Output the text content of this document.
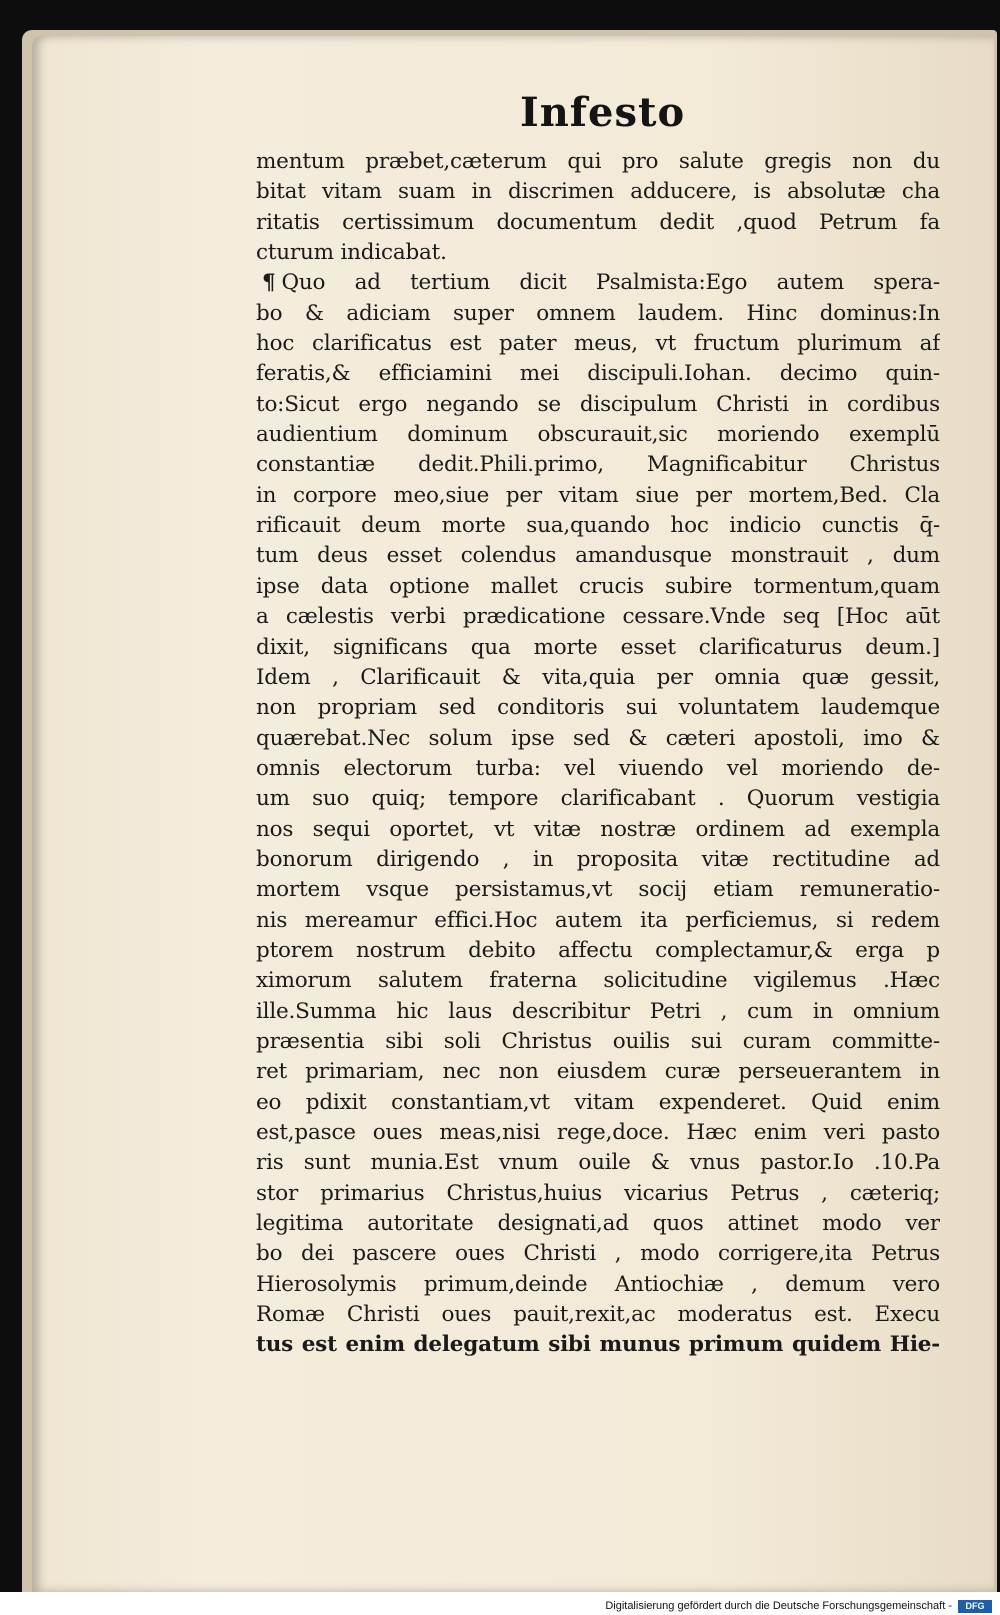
Infesto
mentum præbet,cæterum qui pro salute gregis non du
bitat vitam suam in discrimen adducere, is absolutæ cha
ritatis certissimum documentum dedit ,quod Petrum fa
cturum indicabat.
¶ Quo ad tertium dicit Psalmista:Ego autem spera-
bo & adiciam super omnem laudem. Hinc dominus:In
hoc clarificatus est pater meus, vt fructum plurimum af
feratis,& efficiamini mei discipuli.Iohan. decimo quin-
to:Sicut ergo negando se discipulum Christi in cordibus
audientium dominum obscurauit,sic moriendo exemplū
constantiæ dedit.Phili.primo, Magnificabitur Christus
in corpore meo,siue per vitam siue per mortem,Bed. Cla
rificauit deum morte sua,quando hoc indicio cunctis q̄-
tum deus esset colendus amandusque monstrauit , dum
ipse data optione mallet crucis subire tormentum,quam
a cælestis verbi prædicatione cessare.Vnde seq [Hoc aūt
dixit, significans qua morte esset clarificaturus deum.]
Idem , Clarificauit & vita,quia per omnia quæ gessit,
non propriam sed conditoris sui voluntatem laudemque
quærebat.Nec solum ipse sed & cæteri apostoli, imo &
omnis electorum turba: vel viuendo vel moriendo de-
um suo quiq; tempore clarificabant . Quorum vestigia
nos sequi oportet, vt vitæ nostræ ordinem ad exempla
bonorum dirigendo , in proposita vitæ rectitudine ad
mortem vsque persistamus,vt socij etiam remuneratio-
nis mereamur effici.Hoc autem ita perficiemus, si redem
ptorem nostrum debito affectu complectamur,& erga p
ximorum salutem fraterna solicitudine vigilemus .Hæc
ille.Summa hic laus describitur Petri , cum in omnium
præsentia sibi soli Christus ouilis sui curam committe-
ret primariam, nec non eiusdem curæ perseuerantem in
eo pdixit constantiam,vt vitam expenderet. Quid enim
est,pasce oues meas,nisi rege,doce. Hæc enim veri pasto
ris sunt munia.Est vnum ouile & vnus pastor.Io .10.Pa
stor primarius Christus,huius vicarius Petrus , cæteriq;
legitima autoritate designati,ad quos attinet modo ver
bo dei pascere oues Christi , modo corrigere,ita Petrus
Hierosolymis primum,deinde Antiochiæ , demum vero
Romæ Christi oues pauit,rexit,ac moderatus est. Execu
tus est enim delegatum sibi munus primum quidem Hie-
Digitalisierung gefördert durch die Deutsche Forschungsgemeinschaft -	DFG
